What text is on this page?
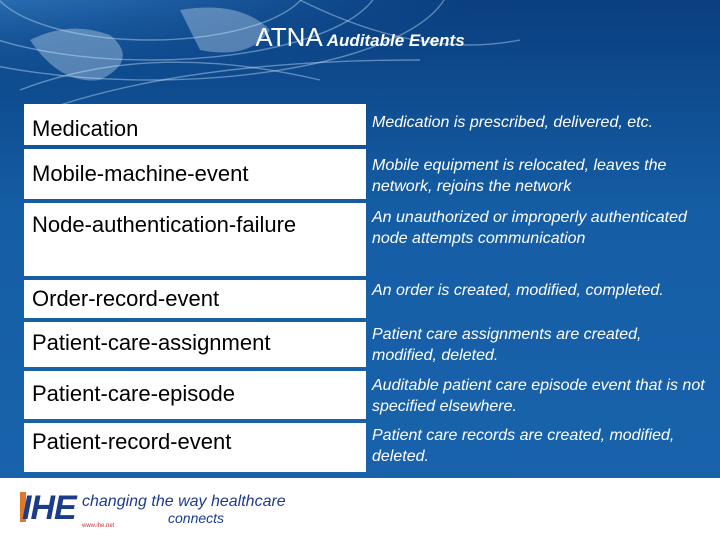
ATNA Auditable Events
Medication	Medication is prescribed, delivered, etc.
Mobile-machine-event	Mobile equipment is relocated, leaves the network, rejoins the network
Node-authentication-failure	An unauthorized or improperly authenticated node attempts communication
Order-record-event	An order is created, modified, completed.
Patient-care-assignment	Patient care assignments are created, modified, deleted.
Patient-care-episode	Auditable patient care episode event that is not specified elsewhere.
Patient-record-event	Patient care records are created, modified, deleted.
IHE changing the way healthcare
connects
www.ihe.net
